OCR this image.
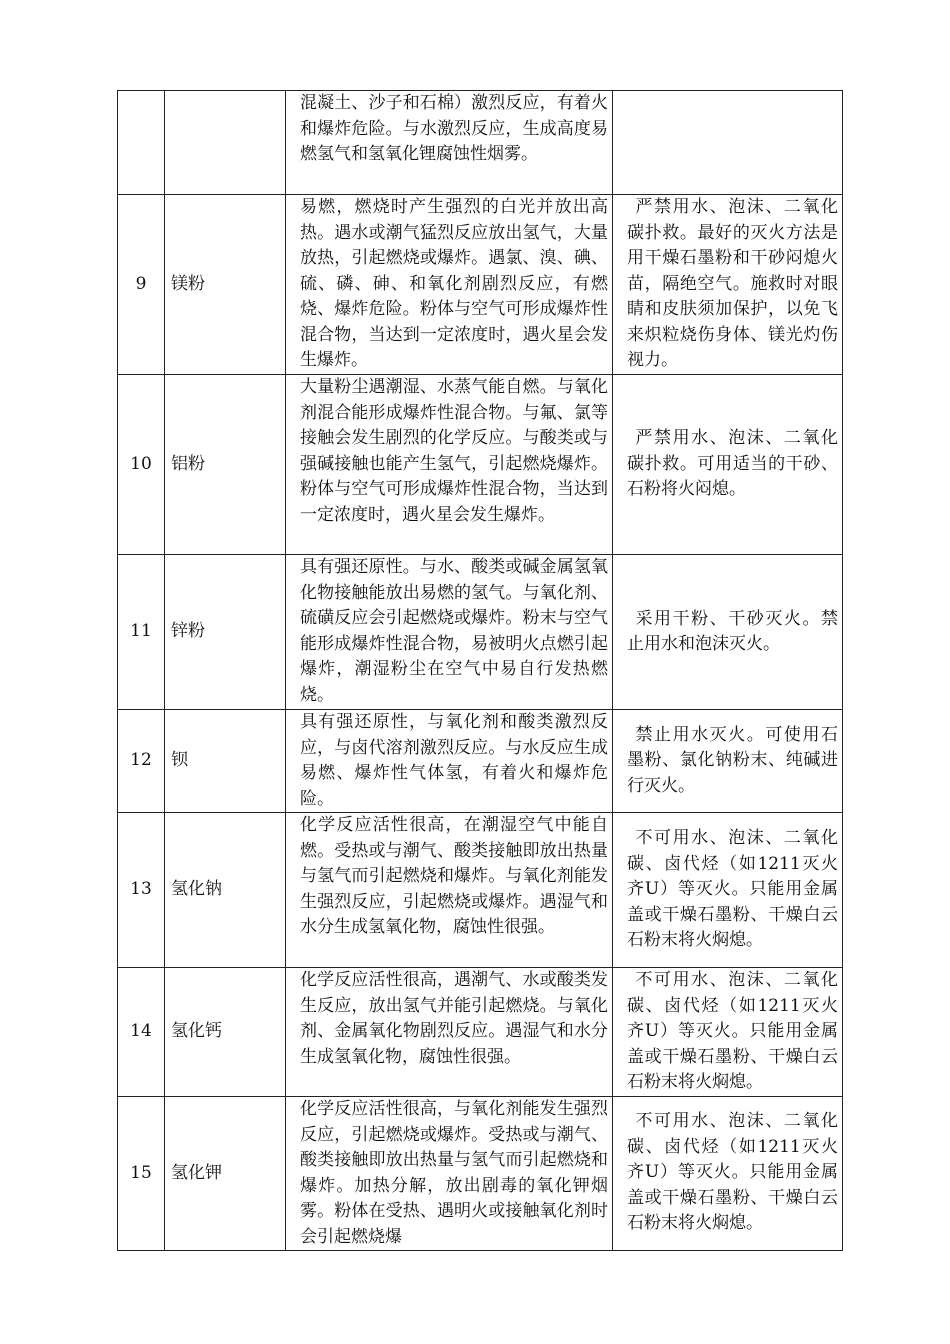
		混凝土、沙子和石棉）激烈反应，有着火和爆炸危险。与水激烈反应，生成高度易燃氢气和氢氧化锂腐蚀性烟雾。	
9	镁粉	易燃，燃烧时产生强烈的白光并放出高热。遇水或潮气猛烈反应放出氢气，大量放热，引起燃烧或爆炸。遇氯、溴、碘、硫、磷、砷、和氧化剂剧烈反应，有燃烧、爆炸危险。粉体与空气可形成爆炸性混合物，当达到一定浓度时，遇火星会发生爆炸。	严禁用水、泡沫、二氧化碳扑救。最好的灭火方法是用干燥石墨粉和干砂闷熄火苗，隔绝空气。施救时对眼睛和皮肤须加保护，以免飞来炽粒烧伤身体、镁光灼伤视力。
10	铝粉	大量粉尘遇潮湿、水蒸气能自燃。与氧化剂混合能形成爆炸性混合物。与氟、氯等接触会发生剧烈的化学反应。与酸类或与强碱接触也能产生氢气，引起燃烧爆炸。粉体与空气可形成爆炸性混合物，当达到一定浓度时，遇火星会发生爆炸。	严禁用水、泡沫、二氧化碳扑救。可用适当的干砂、石粉将火闷熄。
11	锌粉	具有强还原性。与水、酸类或碱金属氢氧化物接触能放出易燃的氢气。与氧化剂、硫磺反应会引起燃烧或爆炸。粉末与空气能形成爆炸性混合物，易被明火点燃引起爆炸，潮湿粉尘在空气中易自行发热燃烧。	采用干粉、干砂灭火。禁止用水和泡沫灭火。
12	钡	具有强还原性，与氧化剂和酸类激烈反应，与卤代溶剂激烈反应。与水反应生成易燃、爆炸性气体氢，有着火和爆炸危险。	禁止用水灭火。可使用石墨粉、氯化钠粉末、纯碱进行灭火。
13	氢化钠	化学反应活性很高，在潮湿空气中能自燃。受热或与潮气、酸类接触即放出热量与氢气而引起燃烧和爆炸。与氧化剂能发生强烈反应，引起燃烧或爆炸。遇湿气和水分生成氢氧化物，腐蚀性很强。	不可用水、泡沫、二氧化碳、卤代烃（如1211灭火齐U）等灭火。只能用金属盖或干燥石墨粉、干燥白云石粉末将火焖熄。
14	氢化钙	化学反应活性很高，遇潮气、水或酸类发生反应，放出氢气并能引起燃烧。与氧化剂、金属氧化物剧烈反应。遇湿气和水分生成氢氧化物，腐蚀性很强。	不可用水、泡沫、二氧化碳、卤代烃（如1211灭火齐U）等灭火。只能用金属盖或干燥石墨粉、干燥白云石粉末将火焖熄。
15	氢化钾	化学反应活性很高，与氧化剂能发生强烈反应，引起燃烧或爆炸。受热或与潮气、酸类接触即放出热量与氢气而引起燃烧和爆炸。加热分解，放出剧毒的氧化钾烟雾。粉体在受热、遇明火或接触氧化剂时会引起燃烧爆	不可用水、泡沫、二氧化碳、卤代烃（如1211灭火齐U）等灭火。只能用金属盖或干燥石墨粉、干燥白云石粉末将火焖熄。
